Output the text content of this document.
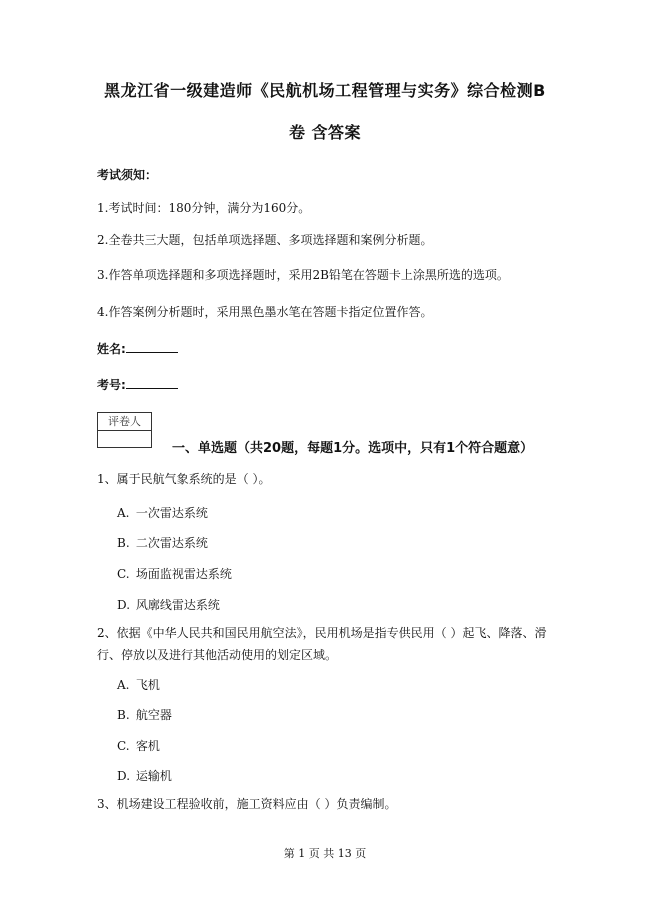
黑龙江省一级建造师《民航机场工程管理与实务》综合检测B
卷 含答案
考试须知：
1.考试时间：180分钟，满分为160分。
2.全卷共三大题，包括单项选择题、多项选择题和案例分析题。
3.作答单项选择题和多项选择题时，采用2B铅笔在答题卡上涂黑所选的选项。
4.作答案例分析题时，采用黑色墨水笔在答题卡指定位置作答。
姓名:
考号:
评卷人
一、单选题（共20题，每题1分。选项中，只有1个符合题意）
1、属于民航气象系统的是（ ）。
A. 一次雷达系统
B. 二次雷达系统
C. 场面监视雷达系统
D. 风廓线雷达系统
2、依据《中华人民共和国民用航空法》，民用机场是指专供民用（ ）起飞、降落、滑行、停放以及进行其他活动使用的划定区域。
A. 飞机
B. 航空器
C. 客机
D. 运输机
3、机场建设工程验收前，施工资料应由（ ）负责编制。
第 1 页 共 13 页
